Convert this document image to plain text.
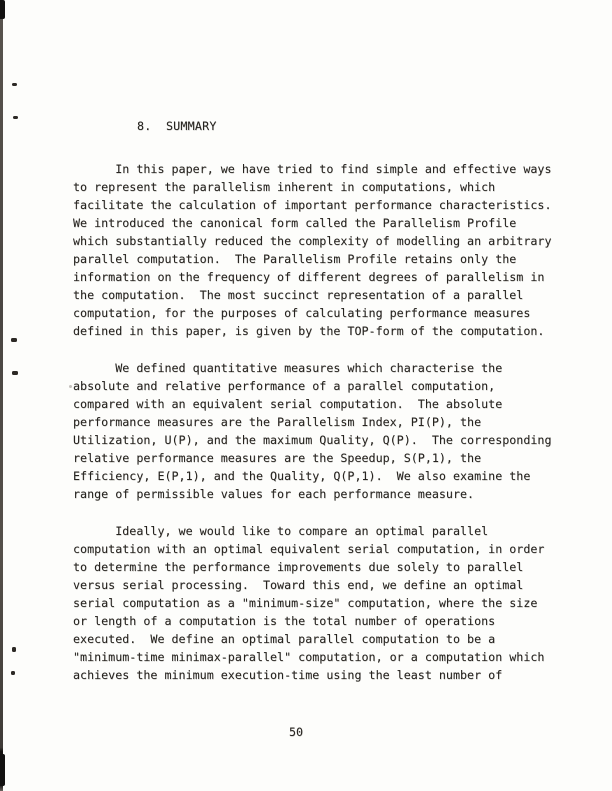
8.  SUMMARY
In this paper, we have tried to find simple and effective ways
to represent the parallelism inherent in computations, which
facilitate the calculation of important performance characteristics.
We introduced the canonical form called the Parallelism Profile
which substantially reduced the complexity of modelling an arbitrary
parallel computation.  The Parallelism Profile retains only the
information on the frequency of different degrees of parallelism in
the computation.  The most succinct representation of a parallel
computation, for the purposes of calculating performance measures
defined in this paper, is given by the TOP-form of the computation.
We defined quantitative measures which characterise the
absolute and relative performance of a parallel computation,
compared with an equivalent serial computation.  The absolute
performance measures are the Parallelism Index, PI(P), the
Utilization, U(P), and the maximum Quality, Q(P).  The corresponding
relative performance measures are the Speedup, S(P,1), the
Efficiency, E(P,1), and the Quality, Q(P,1).  We also examine the
range of permissible values for each performance measure.
Ideally, we would like to compare an optimal parallel
computation with an optimal equivalent serial computation, in order
to determine the performance improvements due solely to parallel
versus serial processing.  Toward this end, we define an optimal
serial computation as a "minimum-size" computation, where the size
or length of a computation is the total number of operations
executed.  We define an optimal parallel computation to be a
"minimum-time minimax-parallel" computation, or a computation which
achieves the minimum execution-time using the least number of
50
